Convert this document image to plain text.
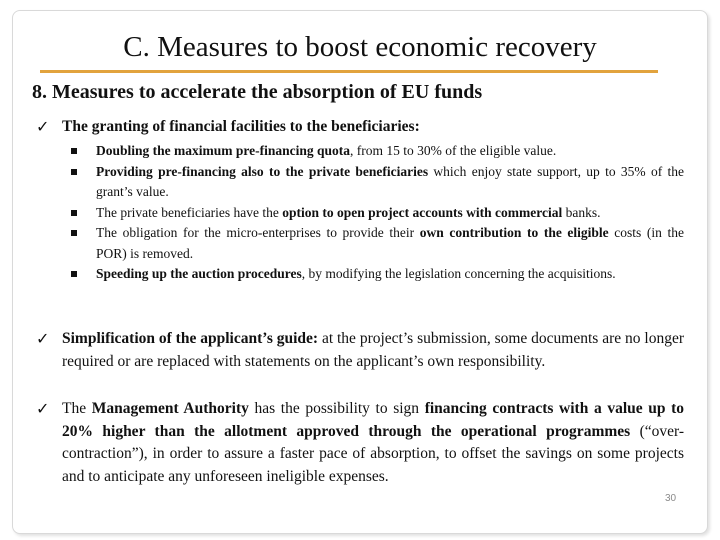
C. Measures to boost economic recovery
8. Measures to accelerate the absorption of EU funds
✓ The granting of financial facilities to the beneficiaries:
Doubling the maximum pre-financing quota, from 15 to 30% of the eligible value.
Providing pre-financing also to the private beneficiaries which enjoy state support, up to 35% of the grant’s value.
The private beneficiaries have the option to open project accounts with commercial banks.
The obligation for the micro-enterprises to provide their own contribution to the eligible costs (in the POR) is removed.
Speeding up the auction procedures, by modifying the legislation concerning the acquisitions.
✓ Simplification of the applicant’s guide: at the project’s submission, some documents are no longer required or are replaced with statements on the applicant’s own responsibility.
✓ The Management Authority has the possibility to sign financing contracts with a value up to 20% higher than the allotment approved through the operational programmes (“over-contraction”), in order to assure a faster pace of absorption, to offset the savings on some projects and to anticipate any unforeseen ineligible expenses.
30
